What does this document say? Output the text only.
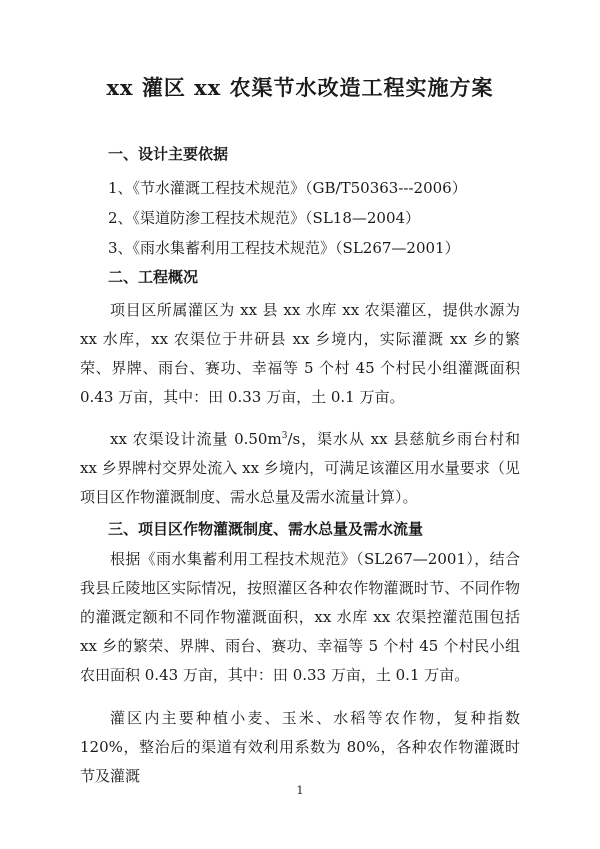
xx 灌区 xx 农渠节水改造工程实施方案
一、设计主要依据
1、《节水灌溉工程技术规范》（GB/T50363---2006）
2、《渠道防渗工程技术规范》（SL18—2004）
3、《雨水集蓄利用工程技术规范》（SL267—2001）
二、工程概况

项目区所属灌区为 xx 县 xx 水库 xx 农渠灌区，提供水源为 xx 水库，xx 农渠位于井研县 xx 乡境内，实际灌溉 xx 乡的繁荣、界牌、雨台、赛功、幸福等 5 个村 45 个村民小组灌溉面积 0.43 万亩，其中：田 0.33 万亩，土 0.1 万亩。

xx 农渠设计流量 $0.50m^3/s$，渠水从 xx 县慈航乡雨台村和 xx 乡界牌村交界处流入 xx 乡境内，可满足该灌区用水量要求（见项目区作物灌溉制度、需水总量及需水流量计算）。

三、项目区作物灌溉制度、需水总量及需水流量

根据《雨水集蓄利用工程技术规范》（SL267—2001），结合我县丘陵地区实际情况，按照灌区各种农作物灌溉时节、不同作物的灌溉定额和不同作物灌溉面积，xx 水库 xx 农渠控灌范围包括 xx 乡的繁荣、界牌、雨台、赛功、幸福等 5 个村 45 个村民小组农田面积 0.43 万亩，其中：田 0.33 万亩，土 0.1 万亩。

灌区内主要种植小麦、玉米、水稻等农作物，复种指数 120%，整治后的渠道有效利用系数为 80%，各种农作物灌溉时节及灌溉

1
